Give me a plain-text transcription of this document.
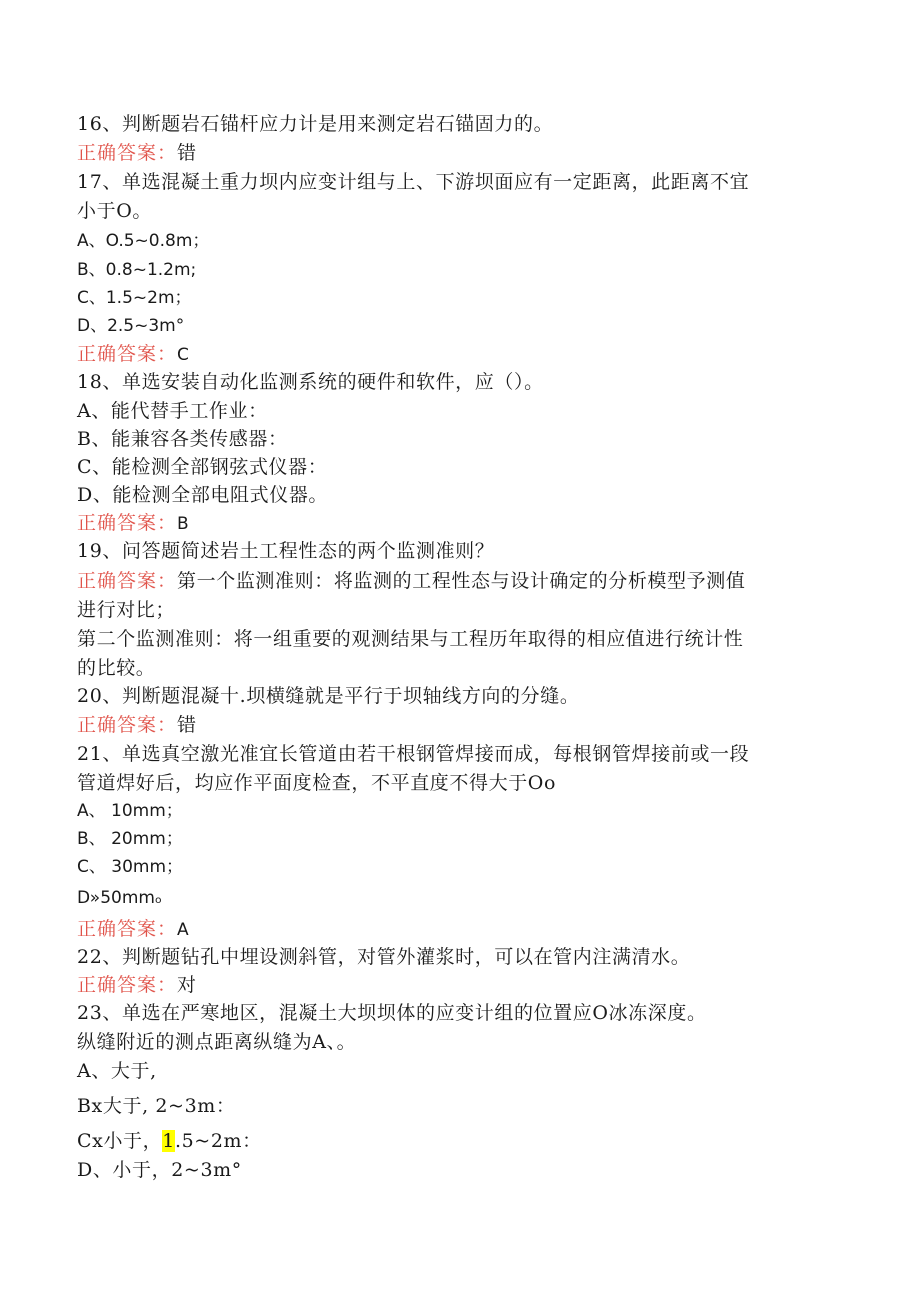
16、判断题岩石锚杆应力计是用来测定岩石锚固力的。
正确答案：错
17、单选混凝土重力坝内应变计组与上、下游坝面应有一定距离，此距离不宜
小于O。
A、O.5~0.8m；
B、0.8~1.2m;
C、1.5~2m；
D、2.5~3m°
正确答案：C
18、单选安装自动化监测系统的硬件和软件，应（）。
A、能代替手工作业：
B、能兼容各类传感器：
C、能检测全部钢弦式仪器：
D、能检测全部电阻式仪器。
正确答案：B
19、问答题简述岩土工程性态的两个监测准则？
正确答案：第一个监测准则：将监测的工程性态与设计确定的分析模型予测值
进行对比；
第二个监测准则：将一组重要的观测结果与工程历年取得的相应值进行统计性
的比较。
20、判断题混凝十.坝横缝就是平行于坝轴线方向的分缝。
正确答案：错
21、单选真空激光准宜长管道由若干根钢管焊接而成，每根钢管焊接前或一段
管道焊好后，均应作平面度检查，不平直度不得大于Oo
A、 10mm；
B、 20mm；
C、 30mm；
D»50mmₒ
正确答案：A
22、判断题钻孔中埋设测斜管，对管外灌浆时，可以在管内注满清水。
正确答案：对
23、单选在严寒地区，混凝土大坝坝体的应变计组的位置应O冰冻深度。
纵缝附近的测点距离纵缝为A、。
A、大于,
Bx大于, 2~3m：
Cx小于，1.5~2m：
D、小于，2~3m°
